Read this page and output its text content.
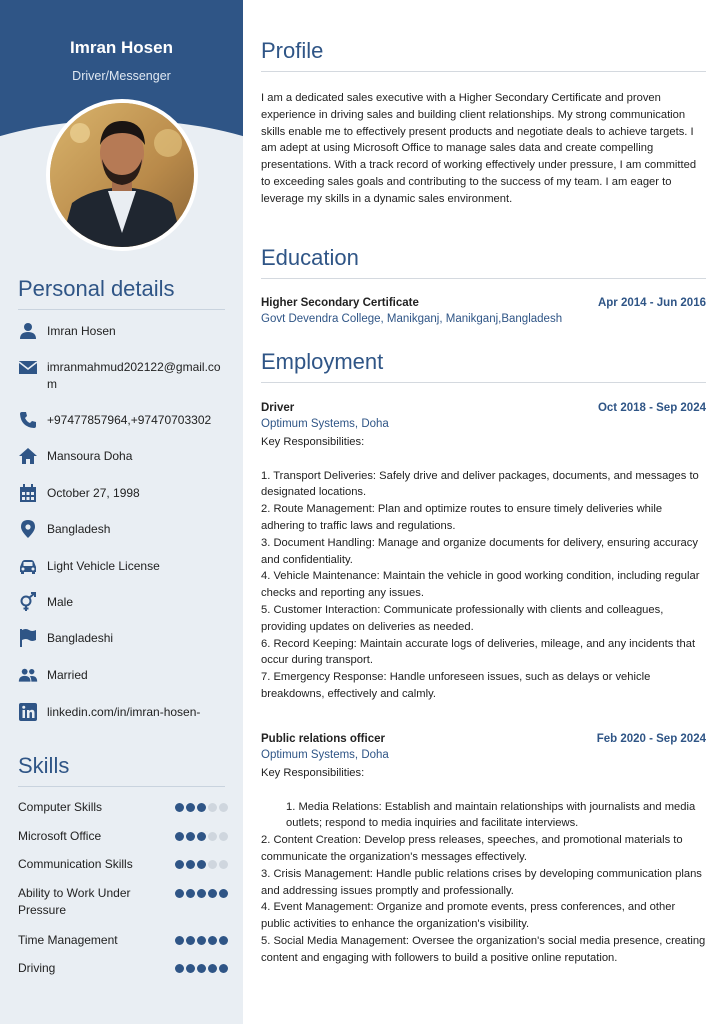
Imran Hosen
Driver/Messenger
Personal details
Imran Hosen
imranmahmud202122@gmail.com
+97477857964,+97470703302
Mansoura Doha
October 27, 1998
Bangladesh
Light Vehicle License
Male
Bangladeshi
Married
linkedin.com/in/imran-hosen-
Skills
Computer Skills
Microsoft Office
Communication Skills
Ability to Work Under Pressure
Time Management
Driving
Profile
I am a dedicated sales executive with a Higher Secondary Certificate and proven experience in driving sales and building client relationships. My strong communication skills enable me to effectively present products and negotiate deals to achieve targets. I am adept at using Microsoft Office to manage sales data and create compelling presentations. With a track record of working effectively under pressure, I am committed to exceeding sales goals and contributing to the success of my team. I am eager to leverage my skills in a dynamic sales environment.
Education
Higher Secondary Certificate	Apr 2014 - Jun 2016
Govt Devendra College, Manikganj, Manikganj,Bangladesh
Employment
Driver	Oct 2018 - Sep 2024
Optimum Systems, Doha
Key Responsibilities:

1. Transport Deliveries: Safely drive and deliver packages, documents, and messages to designated locations.
2. Route Management: Plan and optimize routes to ensure timely deliveries while adhering to traffic laws and regulations.
3. Document Handling: Manage and organize documents for delivery, ensuring accuracy and confidentiality.
4. Vehicle Maintenance: Maintain the vehicle in good working condition, including regular checks and reporting any issues.
5. Customer Interaction: Communicate professionally with clients and colleagues, providing updates on deliveries as needed.
6. Record Keeping: Maintain accurate logs of deliveries, mileage, and any incidents that occur during transport.
7. Emergency Response: Handle unforeseen issues, such as delays or vehicle breakdowns, effectively and calmly.
Public relations officer	Feb 2020 - Sep 2024
Optimum Systems, Doha
Key Responsibilities:

1. Media Relations: Establish and maintain relationships with journalists and media outlets; respond to media inquiries and facilitate interviews.
2. Content Creation: Develop press releases, speeches, and promotional materials to communicate the organization's messages effectively.
3. Crisis Management: Handle public relations crises by developing communication plans and addressing issues promptly and professionally.
4. Event Management: Organize and promote events, press conferences, and other public activities to enhance the organization's visibility.
5. Social Media Management: Oversee the organization's social media presence, creating content and engaging with followers to build a positive online reputation.
